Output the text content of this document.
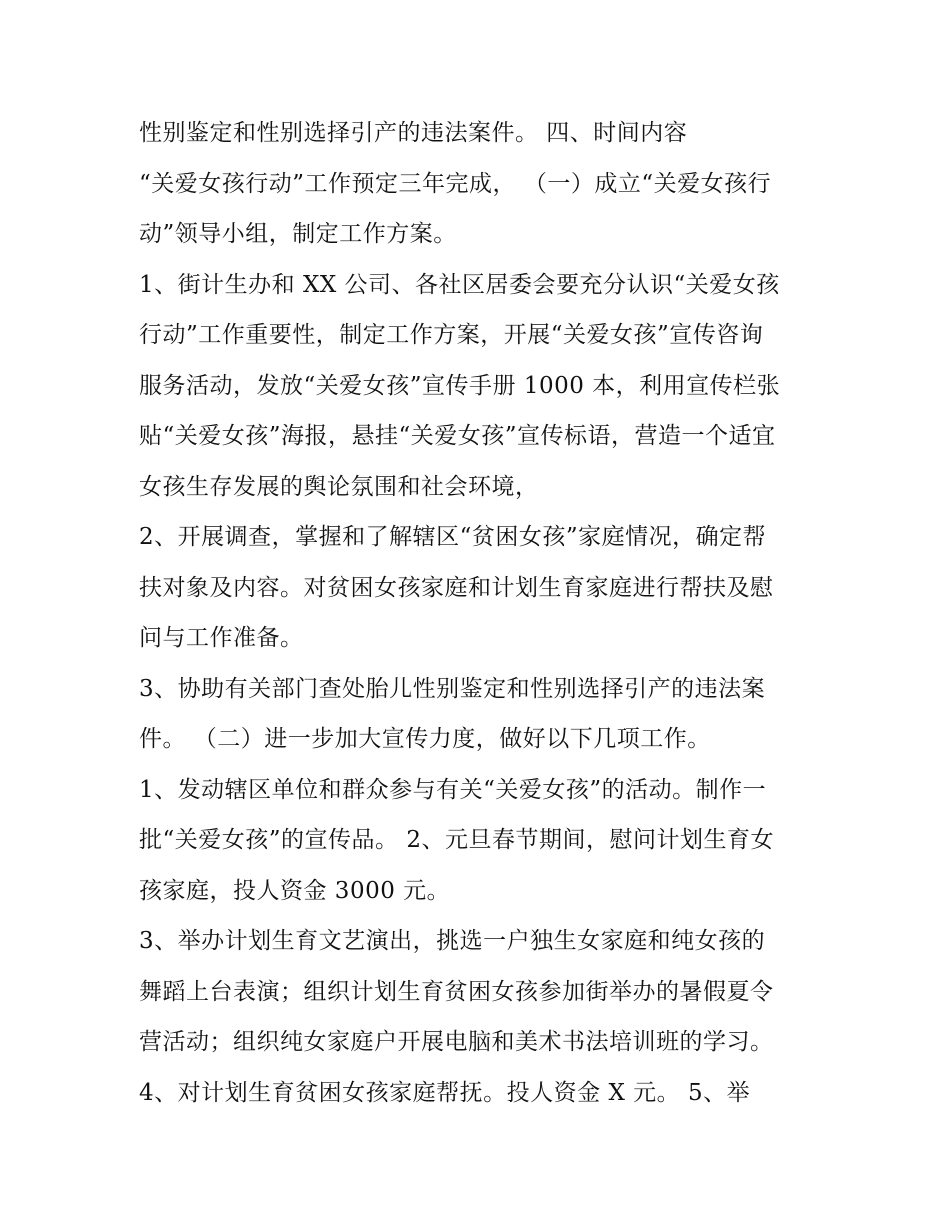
性别鉴定和性别选择引产的违法案件。 四、时间内容
“关爱女孩行动”工作预定三年完成， （一）成立“关爱女孩行
动”领导小组，制定工作方案。
1、街计生办和 XX 公司、各社区居委会要充分认识“关爱女孩
行动”工作重要性，制定工作方案，开展“关爱女孩”宣传咨询
服务活动，发放“关爱女孩”宣传手册 1000 本，利用宣传栏张
贴“关爱女孩”海报，悬挂“关爱女孩”宣传标语，营造一个适宜
女孩生存发展的舆论氛围和社会环境，
2、开展调查，掌握和了解辖区“贫困女孩”家庭情况，确定帮
扶对象及内容。对贫困女孩家庭和计划生育家庭进行帮扶及慰
问与工作准备。
3、协助有关部门查处胎儿性别鉴定和性别选择引产的违法案
件。 （二）进一步加大宣传力度，做好以下几项工作。
1、发动辖区单位和群众参与有关“关爱女孩”的活动。制作一
批“关爱女孩”的宣传品。 2、元旦春节期间，慰问计划生育女
孩家庭，投人资金 3000 元。
3、举办计划生育文艺演出，挑选一户独生女家庭和纯女孩的
舞蹈上台表演；组织计划生育贫困女孩参加街举办的暑假夏令
营活动；组织纯女家庭户开展电脑和美术书法培训班的学习。
4、对计划生育贫困女孩家庭帮抚。投人资金 X 元。 5、举
